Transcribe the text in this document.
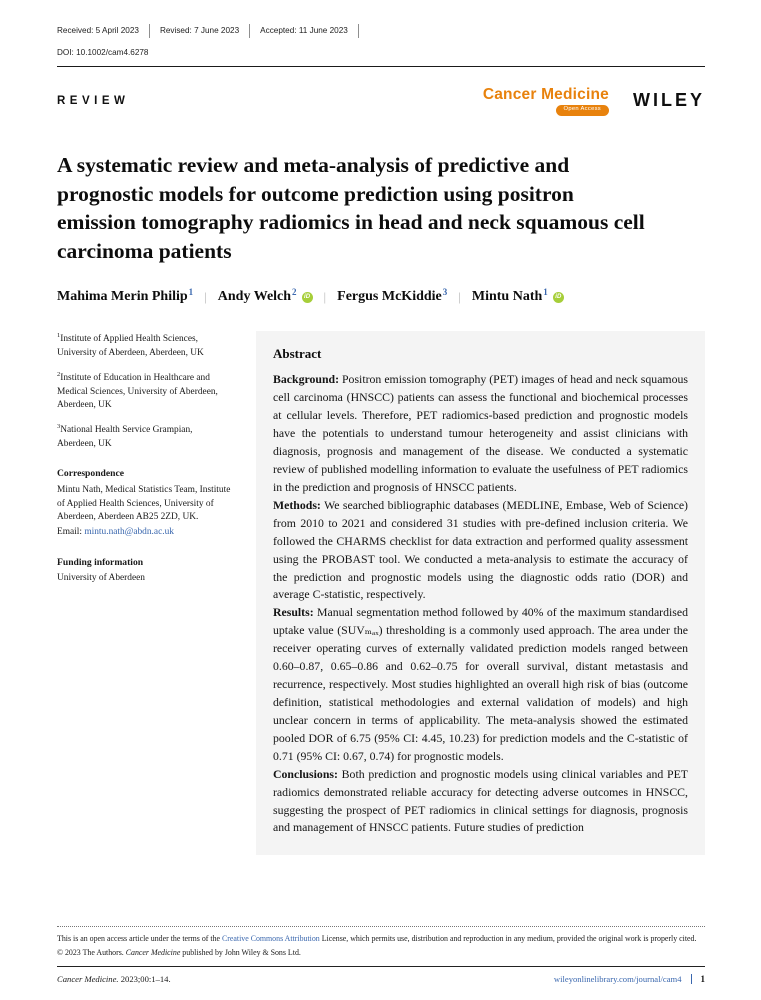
Received: 5 April 2023	Revised: 7 June 2023	Accepted: 11 June 2023
DOI: 10.1002/cam4.6278
REVIEW	Cancer Medicine
Open Access	WILEY
A systematic review and meta-analysis of predictive and prognostic models for outcome prediction using positron emission tomography radiomics in head and neck squamous cell carcinoma patients
Mahima Merin Philip$^1$ | Andy Welch$^2$	iD | Fergus McKiddie$^3$ | Mintu Nath$^1$	iD

$^1$Institute of Applied Health Sciences, University of Aberdeen, Aberdeen, UK

$^2$Institute of Education in Healthcare and Medical Sciences, University of Aberdeen, Aberdeen, UK

$^3$National Health Service Grampian, Aberdeen, UK

Correspondence

Mintu Nath, Medical Statistics Team, Institute of Applied Health Sciences, University of Aberdeen, Aberdeen AB25 2ZD, UK.

Email: mintu.nath@abdn.ac.uk

Funding information

University of Aberdeen

Abstract

Background: Positron emission tomography (PET) images of head and neck squamous cell carcinoma (HNSCC) patients can assess the functional and biochemical processes at cellular levels. Therefore, PET radiomics-based prediction and prognostic models have the potentials to understand tumour heterogeneity and assist clinicians with diagnosis, prognosis and management of the disease. We conducted a systematic review of published modelling information to evaluate the usefulness of PET radiomics in the prediction and prognosis of HNSCC patients.

Methods: We searched bibliographic databases (MEDLINE, Embase, Web of Science) from 2010 to 2021 and considered 31 studies with pre-defined inclusion criteria. We followed the CHARMS checklist for data extraction and performed quality assessment using the PROBAST tool. We conducted a meta-analysis to estimate the accuracy of the prediction and prognostic models using the diagnostic odds ratio (DOR) and average C-statistic, respectively.

Results: Manual segmentation method followed by 40% of the maximum standardised uptake value (SUVₘₐₓ) thresholding is a commonly used approach. The area under the receiver operating curves of externally validated prediction models ranged between 0.60–0.87, 0.65–0.86 and 0.62–0.75 for overall survival, distant metastasis and recurrence, respectively. Most studies highlighted an overall high risk of bias (outcome definition, statistical methodologies and external validation of models) and high unclear concern in terms of applicability. The meta-analysis showed the estimated pooled DOR of 6.75 (95% CI: 4.45, 10.23) for prediction models and the C-statistic of 0.71 (95% CI: 0.67, 0.74) for prognostic models.

Conclusions: Both prediction and prognostic models using clinical variables and PET radiomics demonstrated reliable accuracy for detecting adverse outcomes in HNSCC, suggesting the prospect of PET radiomics in clinical settings for diagnosis, prognosis and management of HNSCC patients. Future studies of prediction

This is an open access article under the terms of the Creative Commons Attribution License, which permits use, distribution and reproduction in any medium, provided the original work is properly cited.

© 2023 The Authors. Cancer Medicine published by John Wiley & Sons Ltd.

Cancer Medicine. 2023;00:1–14.	wileyonlinelibrary.com/journal/cam4	1
